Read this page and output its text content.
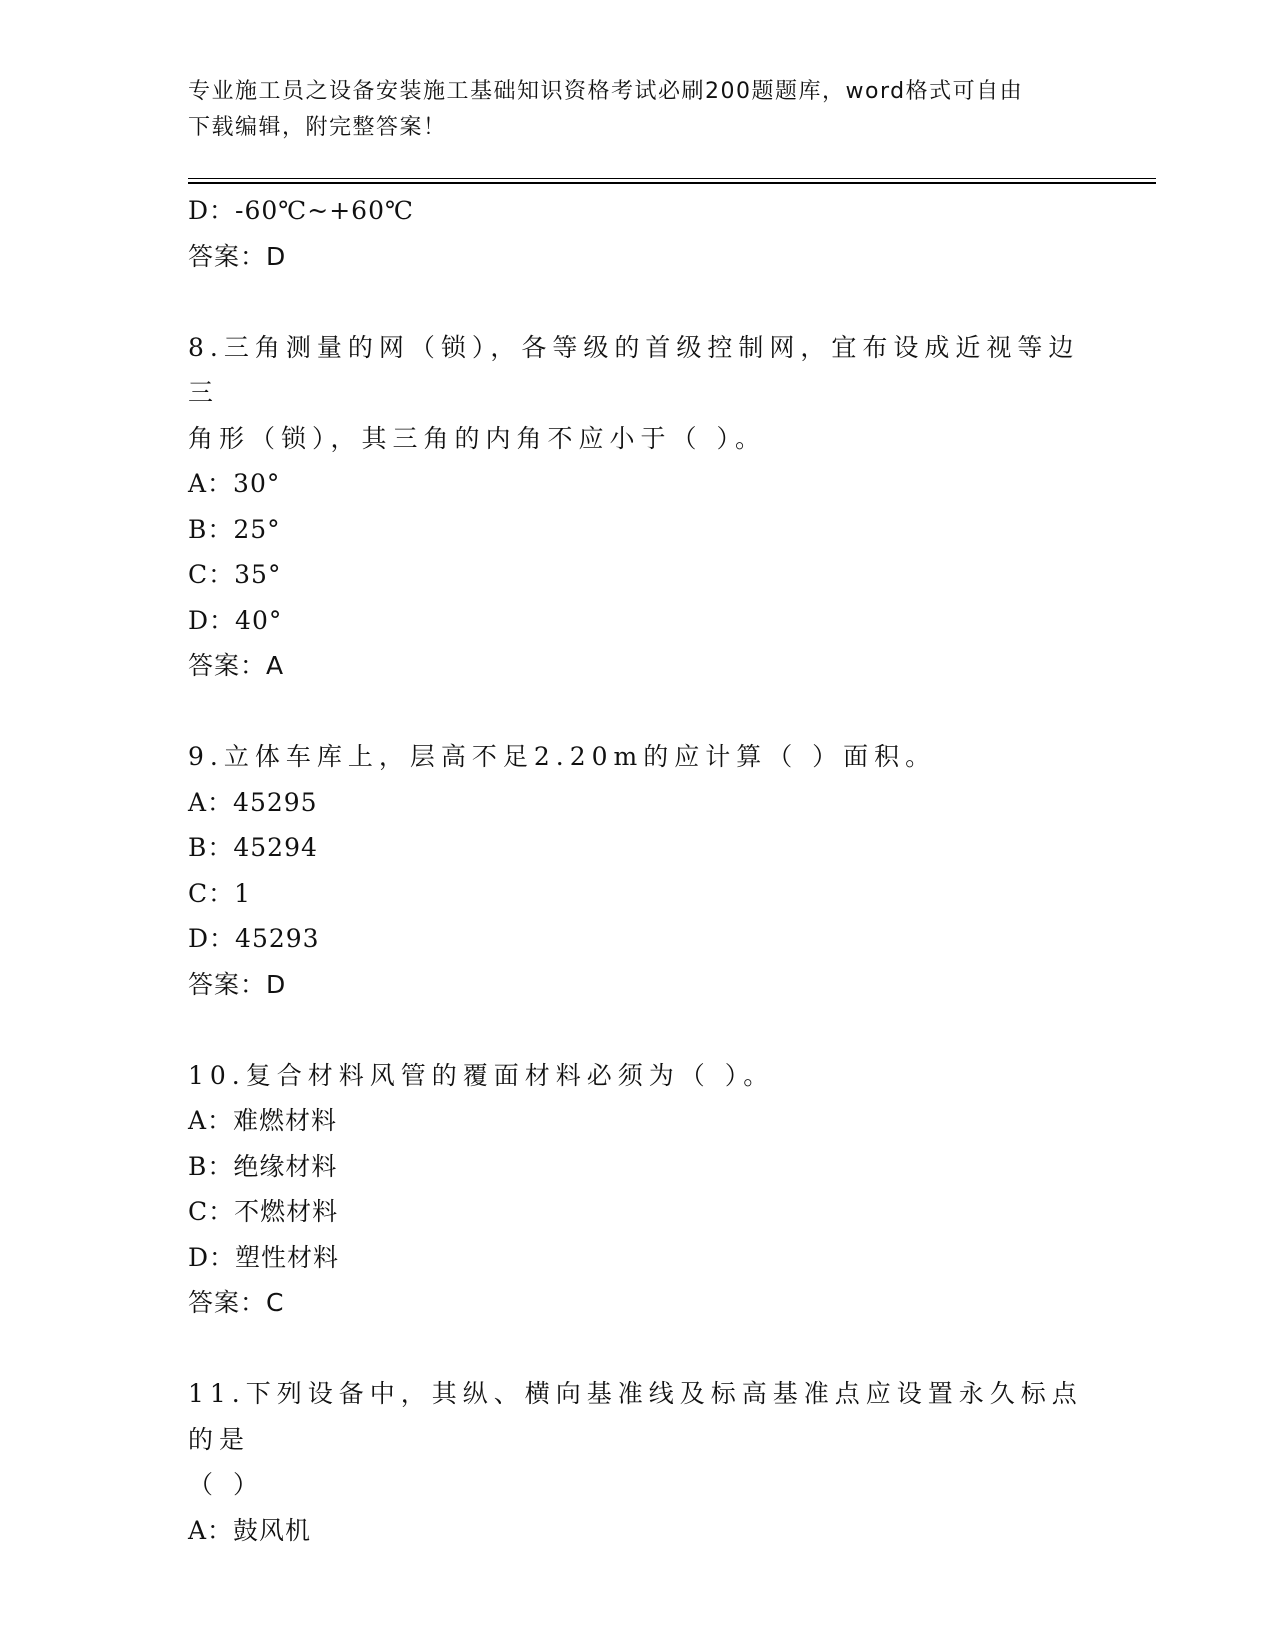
专业施工员之设备安装施工基础知识资格考试必刷200题题库，word格式可自由
下载编辑，附完整答案！
D：-60℃~+60℃
答案：D
8.三角测量的网（锁），各等级的首级控制网，宜布设成近视等边三
角形（锁），其三角的内角不应小于（ ）。
A：30°
B：25°
C：35°
D：40°
答案：A
9.立体车库上，层高不足2.20m的应计算（ ）面积。
A：45295
B：45294
C：1
D：45293
答案：D
10.复合材料风管的覆面材料必须为（ ）。
A：难燃材料
B：绝缘材料
C：不燃材料
D：塑性材料
答案：C
11.下列设备中，其纵、横向基准线及标高基准点应设置永久标点的是
（ ）
A：鼓风机
